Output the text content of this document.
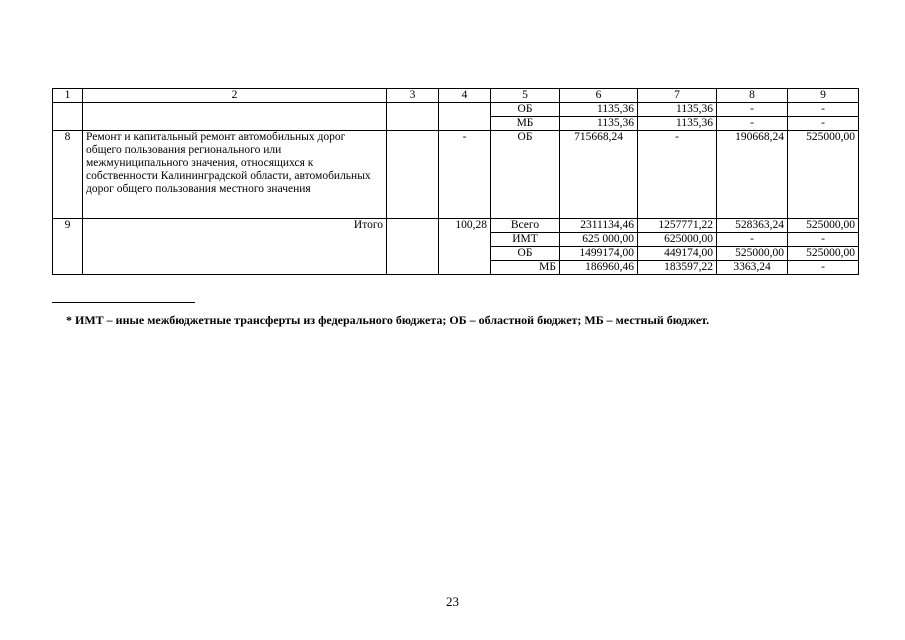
1	2	3	4	5	6	7	8	9
				ОБ	1135,36	1135,36	-	-
				МБ	1135,36	1135,36	-	-
8	Ремонт и капитальный ремонт автомобильных дорог общего пользования регионального или межмуниципального значения, относящихся к собственности Калининградской области, автомобильных дорог общего пользования местного значения		-	ОБ	715668,24	-	190668,24	525000,00
9	Итого		100,28	Всего	2311134,46	1257771,22	528363,24	525000,00
				ИМТ	625 000,00	625000,00	-	-
				ОБ	1499174,00	449174,00	525000,00	525000,00
				МБ	186960,46	183597,22	3363,24	-
* ИМТ – иные межбюджетные трансферты из федерального бюджета; ОБ – областной бюджет; МБ – местный бюджет.
23
